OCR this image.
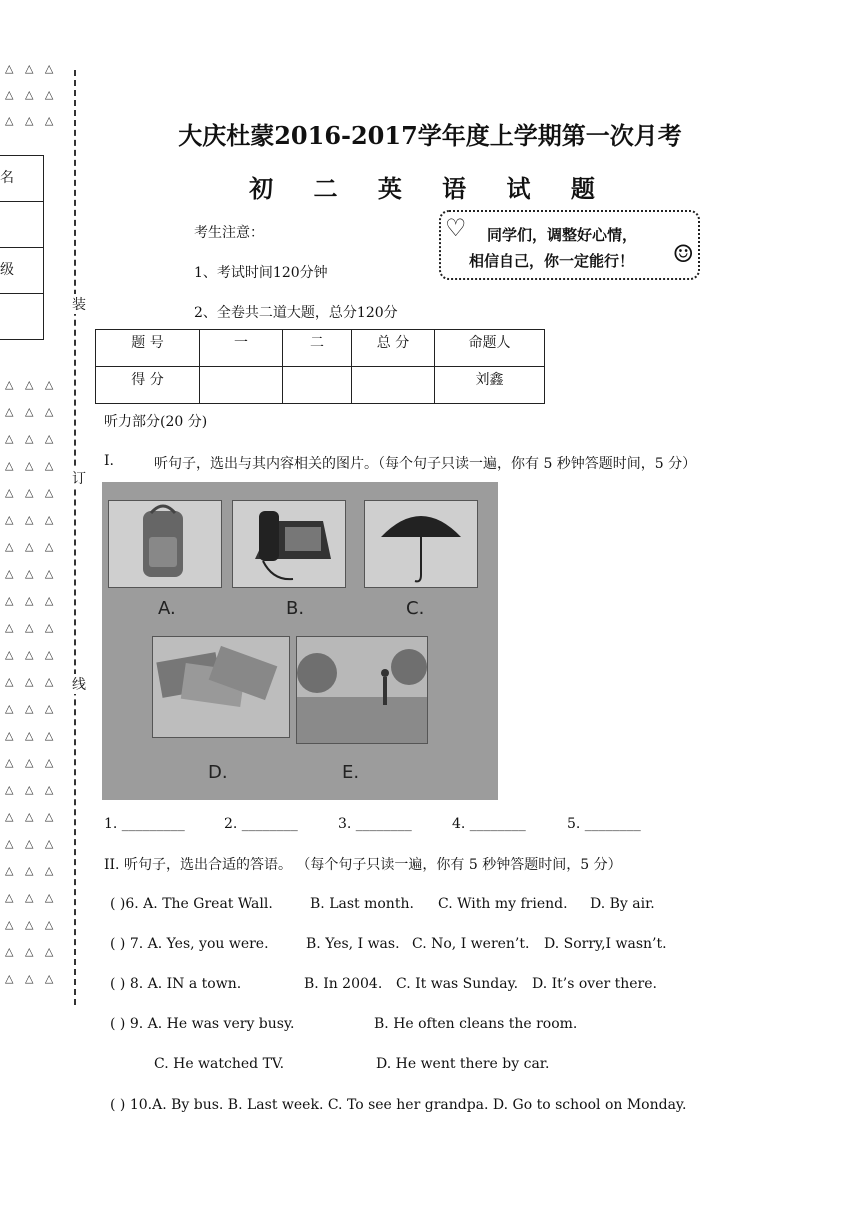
△ △ △
△ △ △
△ △ △
△ △ △
△ △ △
△ △ △
△ △ △
△ △ △
△ △ △
△ △ △
△ △ △
△ △ △
△ △ △
△ △ △
△ △ △
△ △ △
△ △ △
△ △ △
△ △ △
△ △ △
△ △ △
△ △ △
△ △ △
△ △ △
△ △ △
△ △ △
名
级
装
订
线
大庆杜蒙2016-2017学年度上学期第一次月考
初 二 英 语 试 题
考生注意：
1、考试时间120分钟
2、全卷共二道大题，总分120分
♡ 同学们，调整好心情，
相信自己，你一定能行！ ☺
题 号	一	二	总 分	命题人
得 分				刘鑫
听力部分(20 分)
I.	听句子，选出与其内容相关的图片。（每个句子只读一遍，你有 5 秒钟答题时间，5 分）
A.	B.	C.
D.	E.
1. _________	2. ________	3. ________	4. ________	5. ________
II. 听句子，选出合适的答语。 （每个句子只读一遍，你有 5 秒钟答题时间，5 分）
( )6. A. The Great Wall.	B. Last month. C. With my friend. D. By air.
( ) 7. A. Yes, you were.	B. Yes, I was. C. No, I weren’t. D. Sorry,I wasn’t.
( ) 8. A. IN a town.	B. In 2004. C. It was Sunday. D. It’s over there.
( ) 9. A. He was very busy.	B. He often cleans the room.
C. He watched TV.	D. He went there by car.
( ) 10.A. By bus. B. Last week. C. To see her grandpa. D. Go to school on Monday.
